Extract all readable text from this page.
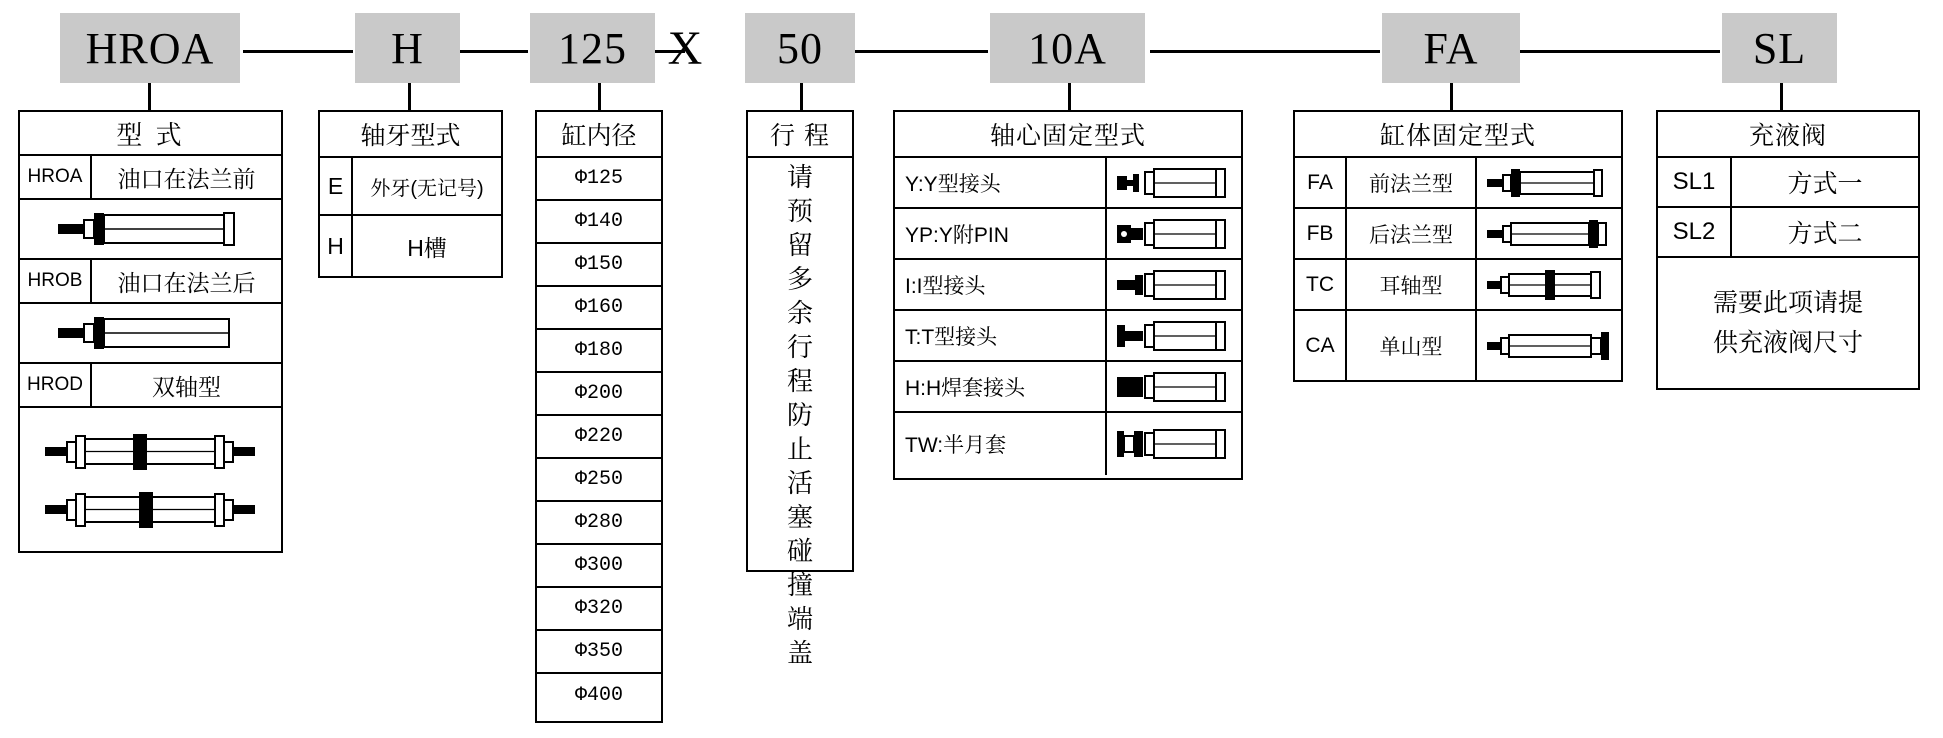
HROA	H	125 X	50	10A	FA	SL
型 式
HROA	油口在法兰前
HROB	油口在法兰后
HROD	双轴型
轴牙型式
E	外牙(无记号)
H	H槽
缸内径
Φ125
Φ140
Φ150
Φ160
Φ180
Φ200
Φ220
Φ250
Φ280
Φ300
Φ320
Φ350
Φ400
行 程
请
预
留
多
余
行
程
防
止
活
塞
碰
撞
端
盖
轴心固定型式
Y:Y型接头
YP:Y附PIN
I:I型接头
T:T型接头
H:H焊套接头
TW:半月套
缸体固定型式
FA	前法兰型
FB	后法兰型
TC	耳轴型
CA	单山型
充液阀
SL1	方式一
SL2	方式二
需要此项请提
供充液阀尺寸
